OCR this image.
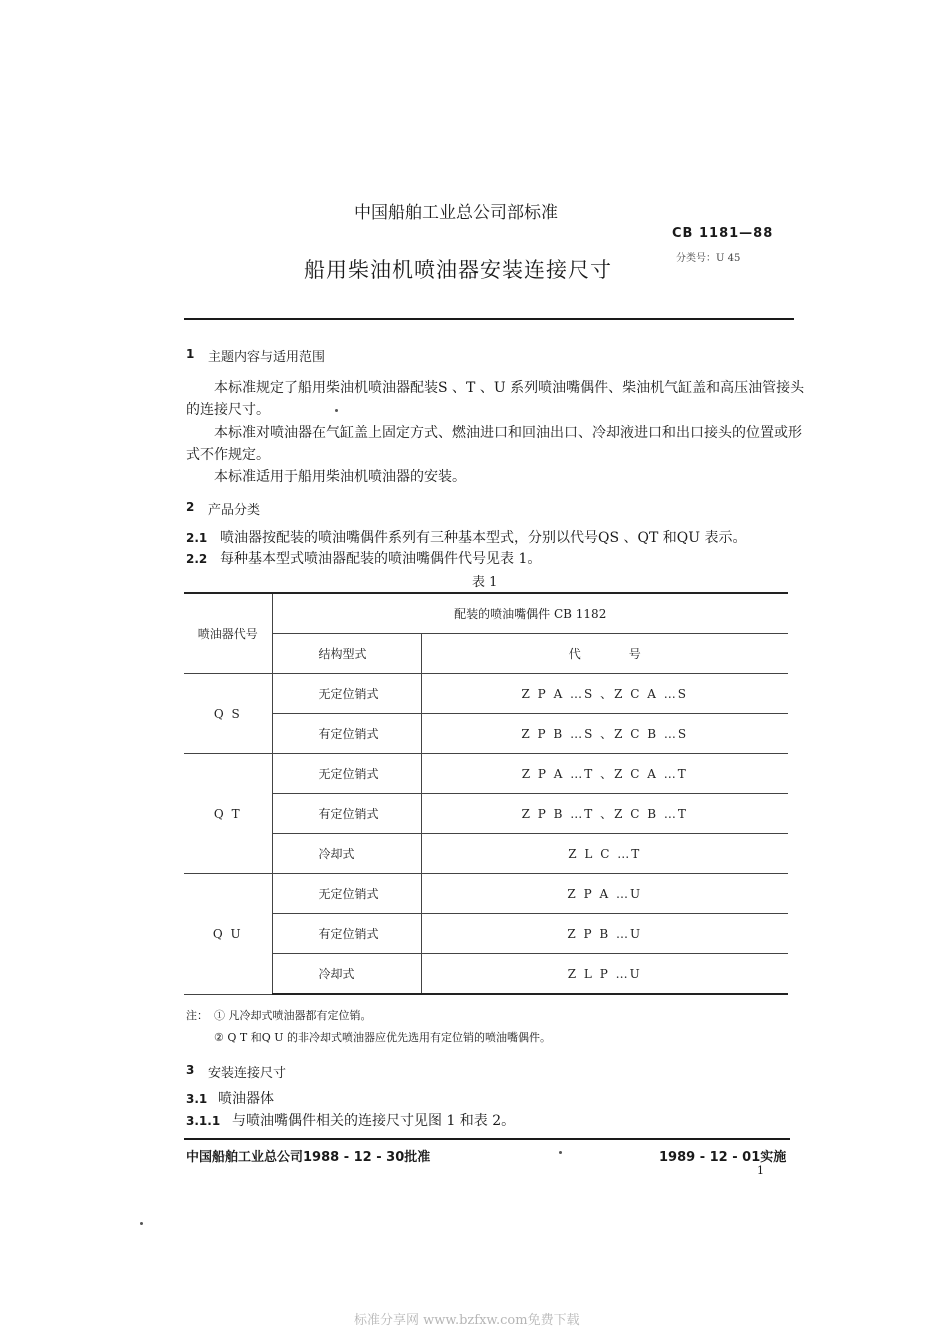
中国船舶工业总公司部标准
CB 1181—88
船用柴油机喷油器安装连接尺寸	分类号：U 45
1 主题内容与适用范围
本标准规定了船用柴油机喷油器配装S 、T 、U 系列喷油嘴偶件、柴油机气缸盖和高压油管接头
的连接尺寸。
本标准对喷油器在气缸盖上固定方式、燃油进口和回油出口、冷却液进口和出口接头的位置或形
式不作规定。
本标准适用于船用柴油机喷油器的安装。
2 产品分类
2.1 喷油器按配装的喷油嘴偶件系列有三种基本型式，分别以代号QS 、QT 和QU 表示。
2.2 每种基本型式喷油器配装的喷油嘴偶件代号见表 1。
表 1
喷油器代号	配装的喷油嘴偶件 CB 1182	
	结构型式	代　　　　号
Q S	无定位销式	Z P A …S 、Z C A …S
	有定位销式	Z P B …S 、Z C B …S
Q T	无定位销式	Z P A …T 、Z C A …T
	有定位销式	Z P B …T 、Z C B …T
	冷却式	Z L C …T
Q U	无定位销式	Z P A …U
	有定位销式	Z P B …U
	冷却式	Z L P …U
注： ① 凡冷却式喷油器都有定位销。
② Q T 和Q U 的非冷却式喷油器应优先选用有定位销的喷油嘴偶件。
3 安装连接尺寸
3.1 喷油器体
3.1.1 与喷油嘴偶件相关的连接尺寸见图 1 和表 2。
中国船舶工业总公司1988 - 12 - 30批准	1989 - 12 - 01实施
1
标准分享网 www.bzfxw.com免费下载
